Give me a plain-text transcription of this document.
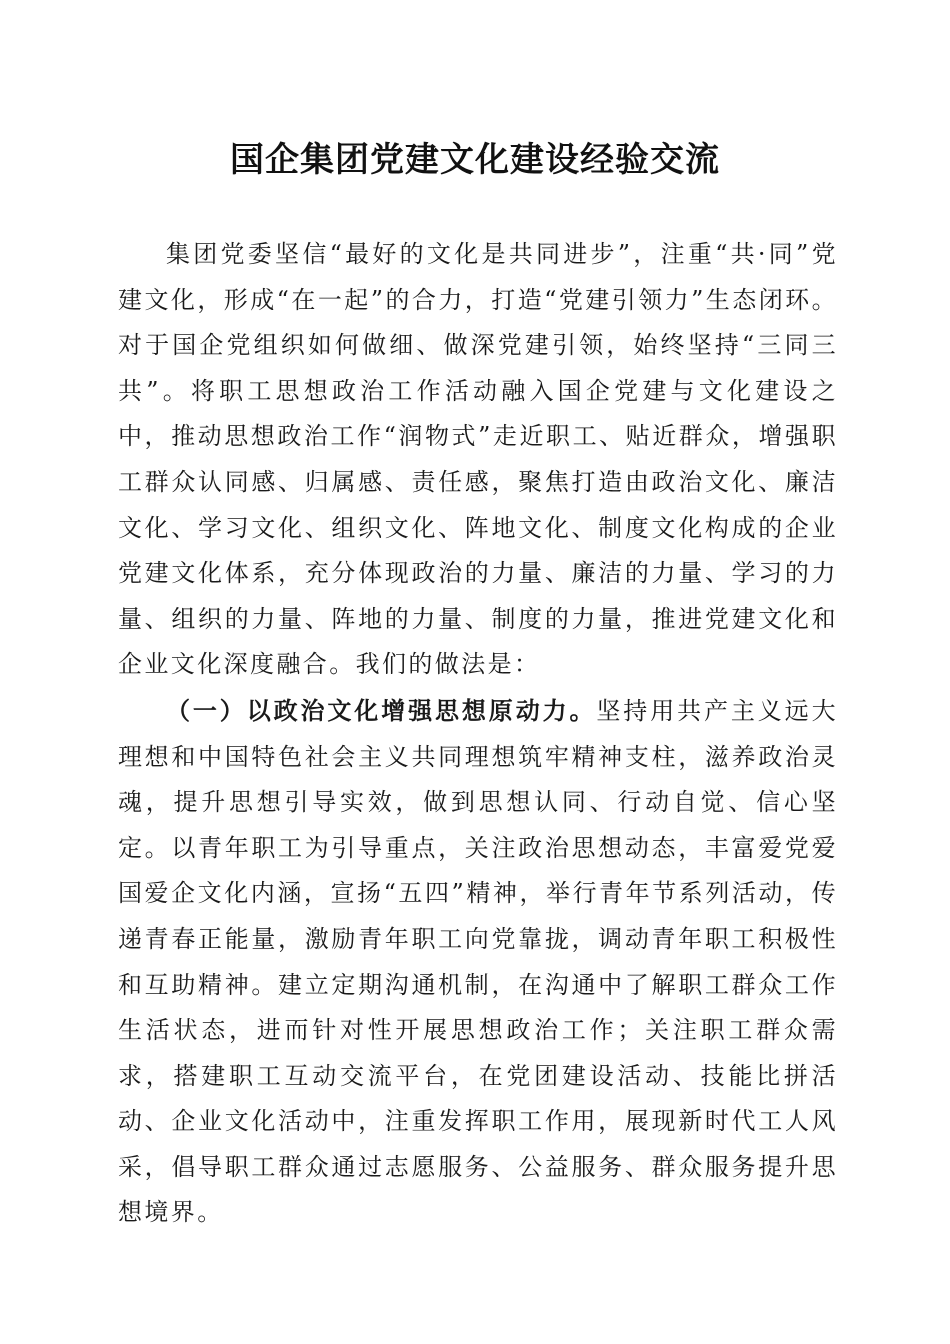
国企集团党建文化建设经验交流

集团党委坚信“最好的文化是共同进步”，注重“共·同”党建文化，形成“在一起”的合力，打造“党建引领力”生态闭环。对于国企党组织如何做细、做深党建引领，始终坚持“三同三共”。将职工思想政治工作活动融入国企党建与文化建设之中，推动思想政治工作“润物式”走近职工、贴近群众，增强职工群众认同感、归属感、责任感，聚焦打造由政治文化、廉洁文化、学习文化、组织文化、阵地文化、制度文化构成的企业党建文化体系，充分体现政治的力量、廉洁的力量、学习的力量、组织的力量、阵地的力量、制度的力量，推进党建文化和企业文化深度融合。我们的做法是：

（一）以政治文化增强思想原动力。坚持用共产主义远大理想和中国特色社会主义共同理想筑牢精神支柱，滋养政治灵魂，提升思想引导实效，做到思想认同、行动自觉、信心坚定。以青年职工为引导重点，关注政治思想动态，丰富爱党爱国爱企文化内涵，宣扬“五四”精神，举行青年节系列活动，传递青春正能量，激励青年职工向党靠拢，调动青年职工积极性和互助精神。建立定期沟通机制，在沟通中了解职工群众工作生活状态，进而针对性开展思想政治工作；关注职工群众需求，搭建职工互动交流平台，在党团建设活动、技能比拼活动、企业文化活动中，注重发挥职工作用，展现新时代工人风采，倡导职工群众通过志愿服务、公益服务、群众服务提升思想境界。
